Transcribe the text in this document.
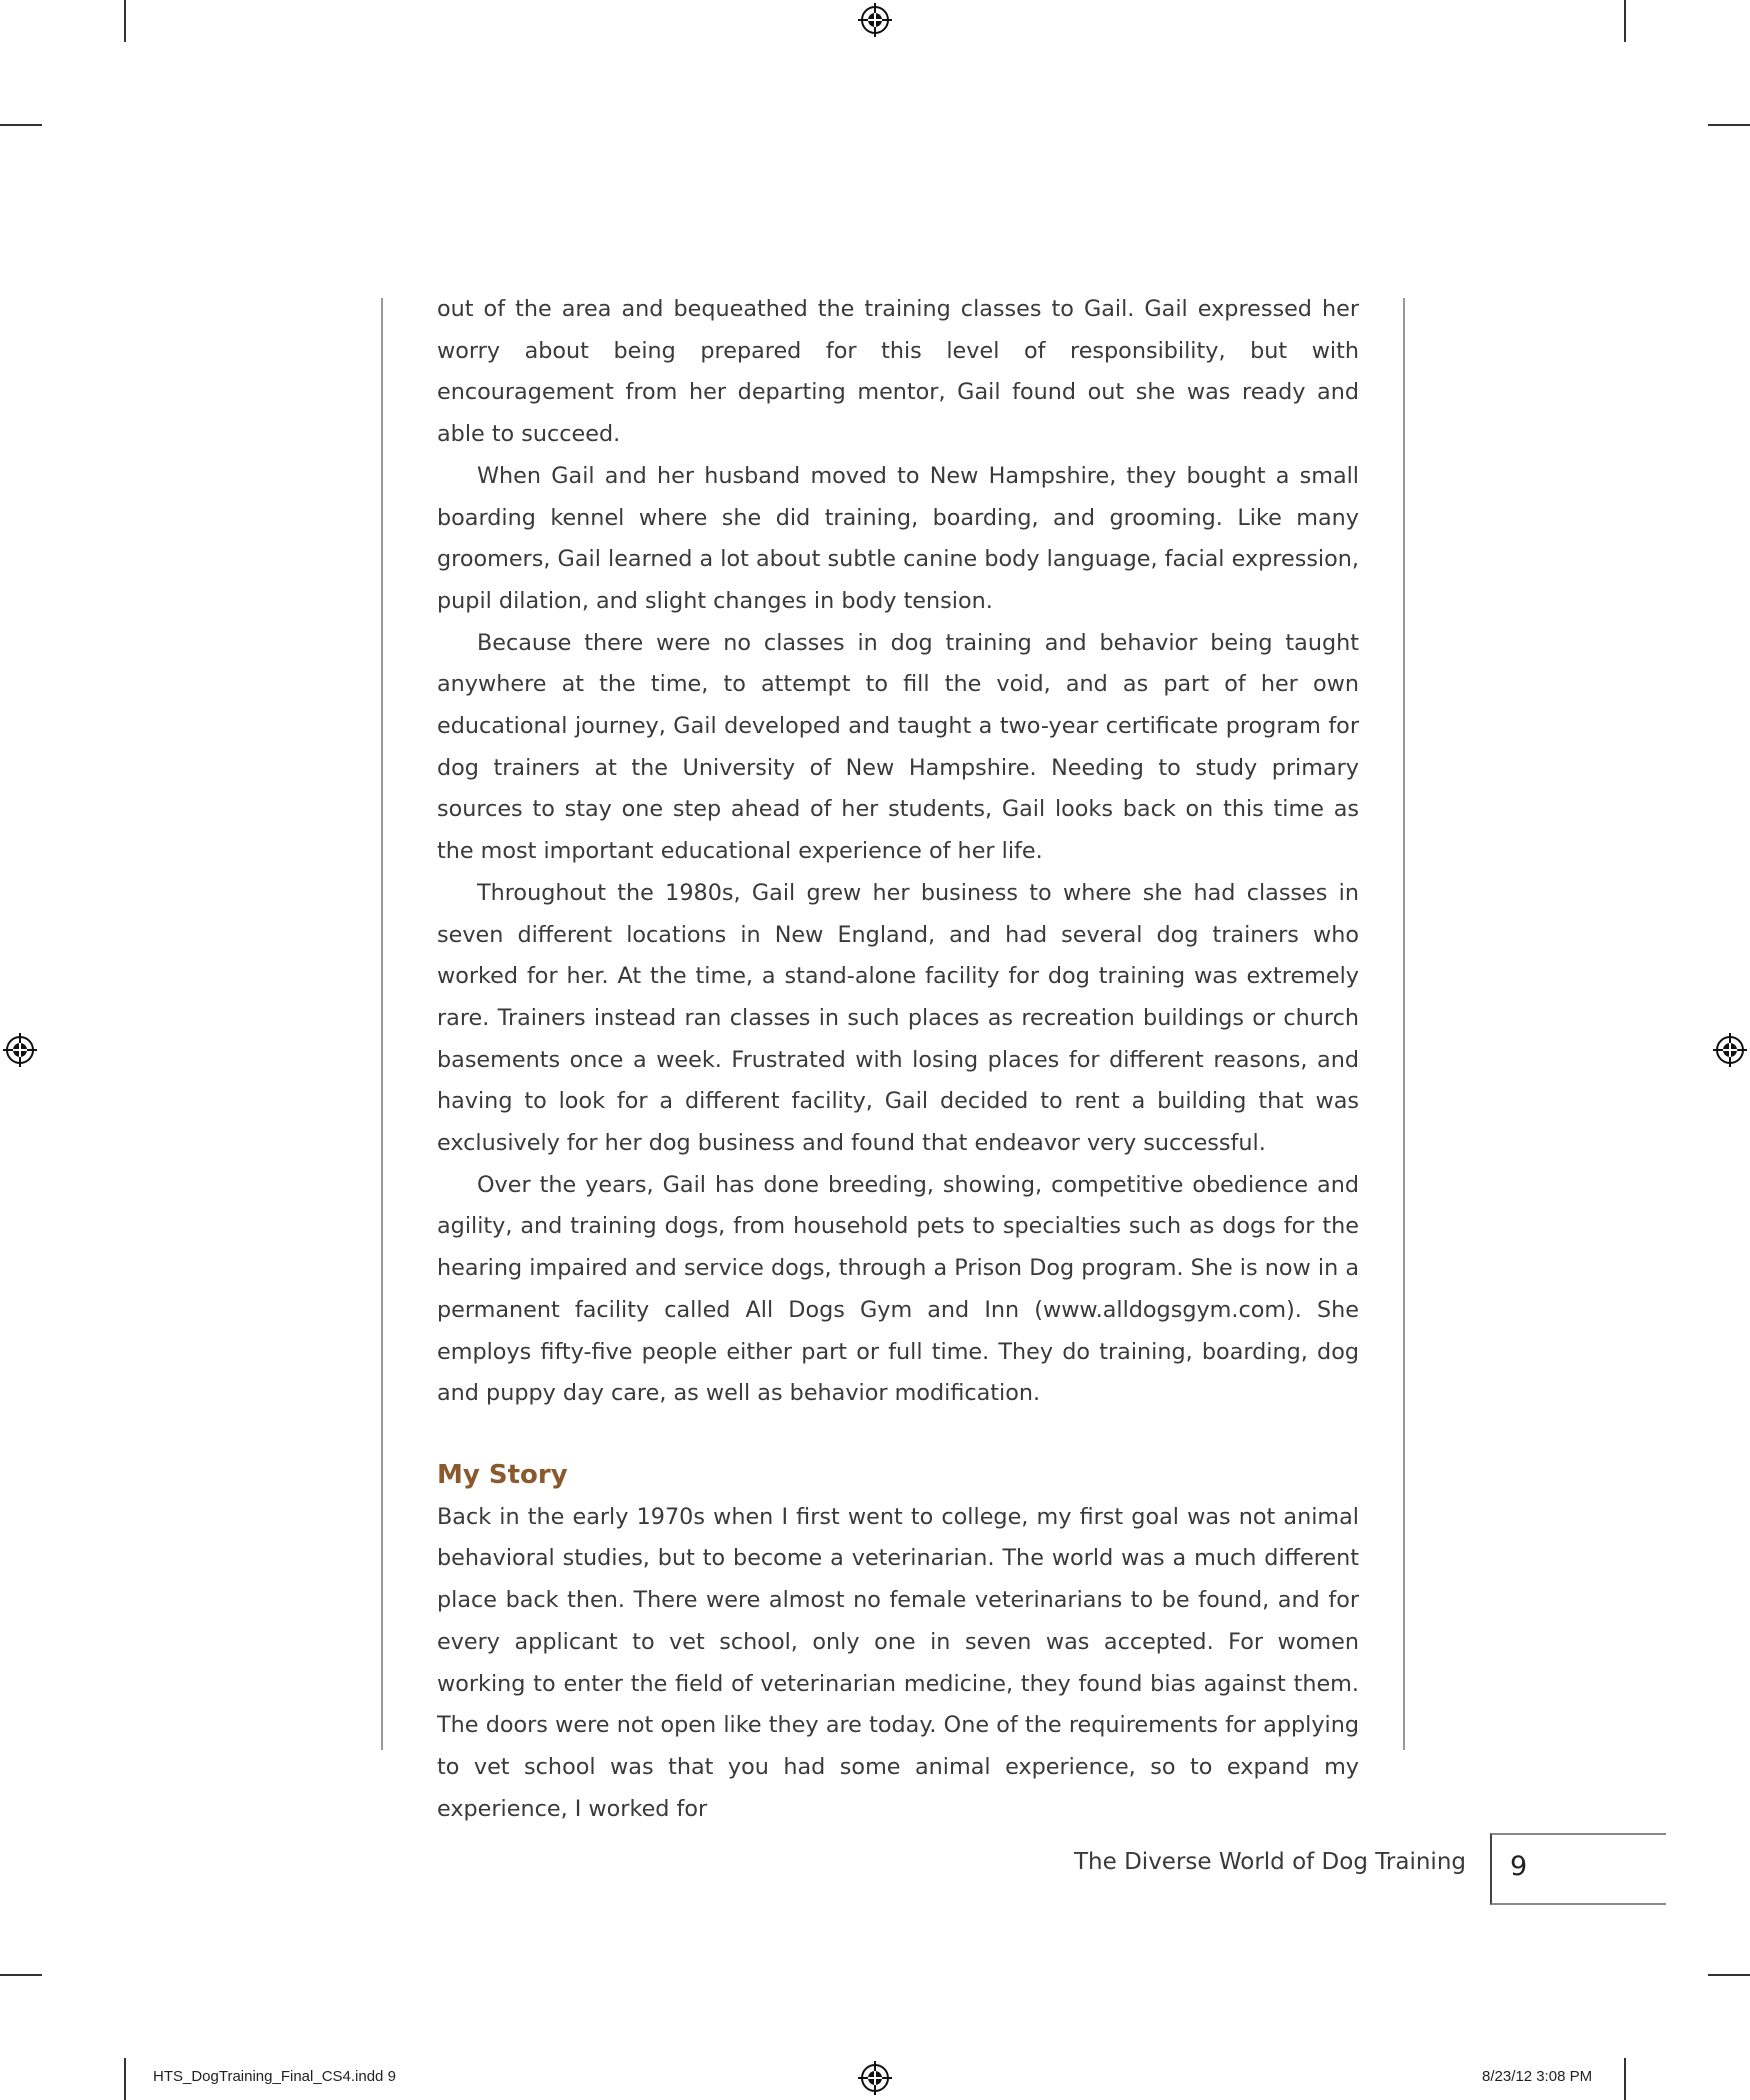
out of the area and bequeathed the training classes to Gail. Gail expressed her worry about being prepared for this level of responsibility, but with encouragement from her departing mentor, Gail found out she was ready and able to succeed.

When Gail and her husband moved to New Hampshire, they bought a small boarding kennel where she did training, boarding, and grooming. Like many groomers, Gail learned a lot about subtle canine body language, facial expression, pupil dilation, and slight changes in body tension.

Because there were no classes in dog training and behavior being taught anywhere at the time, to attempt to fill the void, and as part of her own educational journey, Gail developed and taught a two-year certificate program for dog trainers at the University of New Hampshire. Needing to study primary sources to stay one step ahead of her students, Gail looks back on this time as the most important educational experience of her life.

Throughout the 1980s, Gail grew her business to where she had classes in seven different locations in New England, and had several dog trainers who worked for her. At the time, a stand-alone facility for dog training was extremely rare. Trainers instead ran classes in such places as recreation buildings or church basements once a week. Frustrated with losing places for different reasons, and having to look for a different facility, Gail decided to rent a building that was exclusively for her dog business and found that endeavor very successful.

Over the years, Gail has done breeding, showing, competitive obedience and agility, and training dogs, from household pets to specialties such as dogs for the hearing impaired and service dogs, through a Prison Dog program. She is now in a permanent facility called All Dogs Gym and Inn (www.alldogsgym.com). She employs fifty-five people either part or full time. They do training, boarding, dog and puppy day care, as well as behavior modification.

My Story

Back in the early 1970s when I first went to college, my first goal was not animal behavioral studies, but to become a veterinarian. The world was a much different place back then. There were almost no female veterinarians to be found, and for every applicant to vet school, only one in seven was accepted. For women working to enter the field of veterinarian medicine, they found bias against them. The doors were not open like they are today. One of the requirements for applying to vet school was that you had some animal experience, so to expand my experience, I worked for

The Diverse World of Dog Training 9
HTS_DogTraining_Final_CS4.indd 9	8/23/12 3:08 PM
